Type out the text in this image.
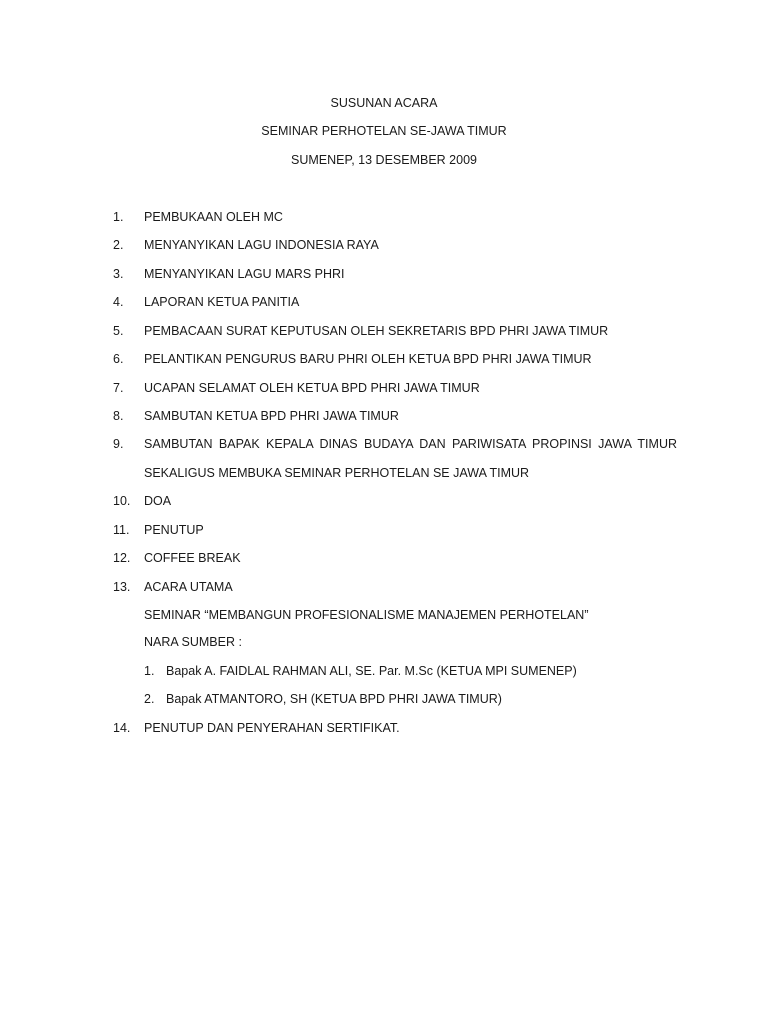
SUSUNAN ACARA
SEMINAR PERHOTELAN SE-JAWA TIMUR
SUMENEP, 13 DESEMBER 2009
1. PEMBUKAAN OLEH MC
2. MENYANYIKAN LAGU INDONESIA RAYA
3. MENYANYIKAN LAGU MARS PHRI
4. LAPORAN KETUA PANITIA
5. PEMBACAAN SURAT KEPUTUSAN OLEH SEKRETARIS BPD PHRI JAWA TIMUR
6. PELANTIKAN PENGURUS BARU PHRI OLEH KETUA BPD PHRI JAWA TIMUR
7. UCAPAN SELAMAT OLEH KETUA BPD PHRI JAWA TIMUR
8. SAMBUTAN KETUA BPD PHRI JAWA TIMUR
9. SAMBUTAN BAPAK KEPALA DINAS BUDAYA DAN PARIWISATA PROPINSI JAWA TIMUR
SEKALIGUS MEMBUKA SEMINAR PERHOTELAN SE JAWA TIMUR
10. DOA
11. PENUTUP
12. COFFEE BREAK
13. ACARA UTAMA
SEMINAR “MEMBANGUN PROFESIONALISME MANAJEMEN PERHOTELAN”
NARA SUMBER :
1. Bapak A. FAIDLAL RAHMAN ALI, SE. Par. M.Sc (KETUA MPI SUMENEP)
2. Bapak ATMANTORO, SH (KETUA BPD PHRI JAWA TIMUR)
14. PENUTUP DAN PENYERAHAN SERTIFIKAT.
